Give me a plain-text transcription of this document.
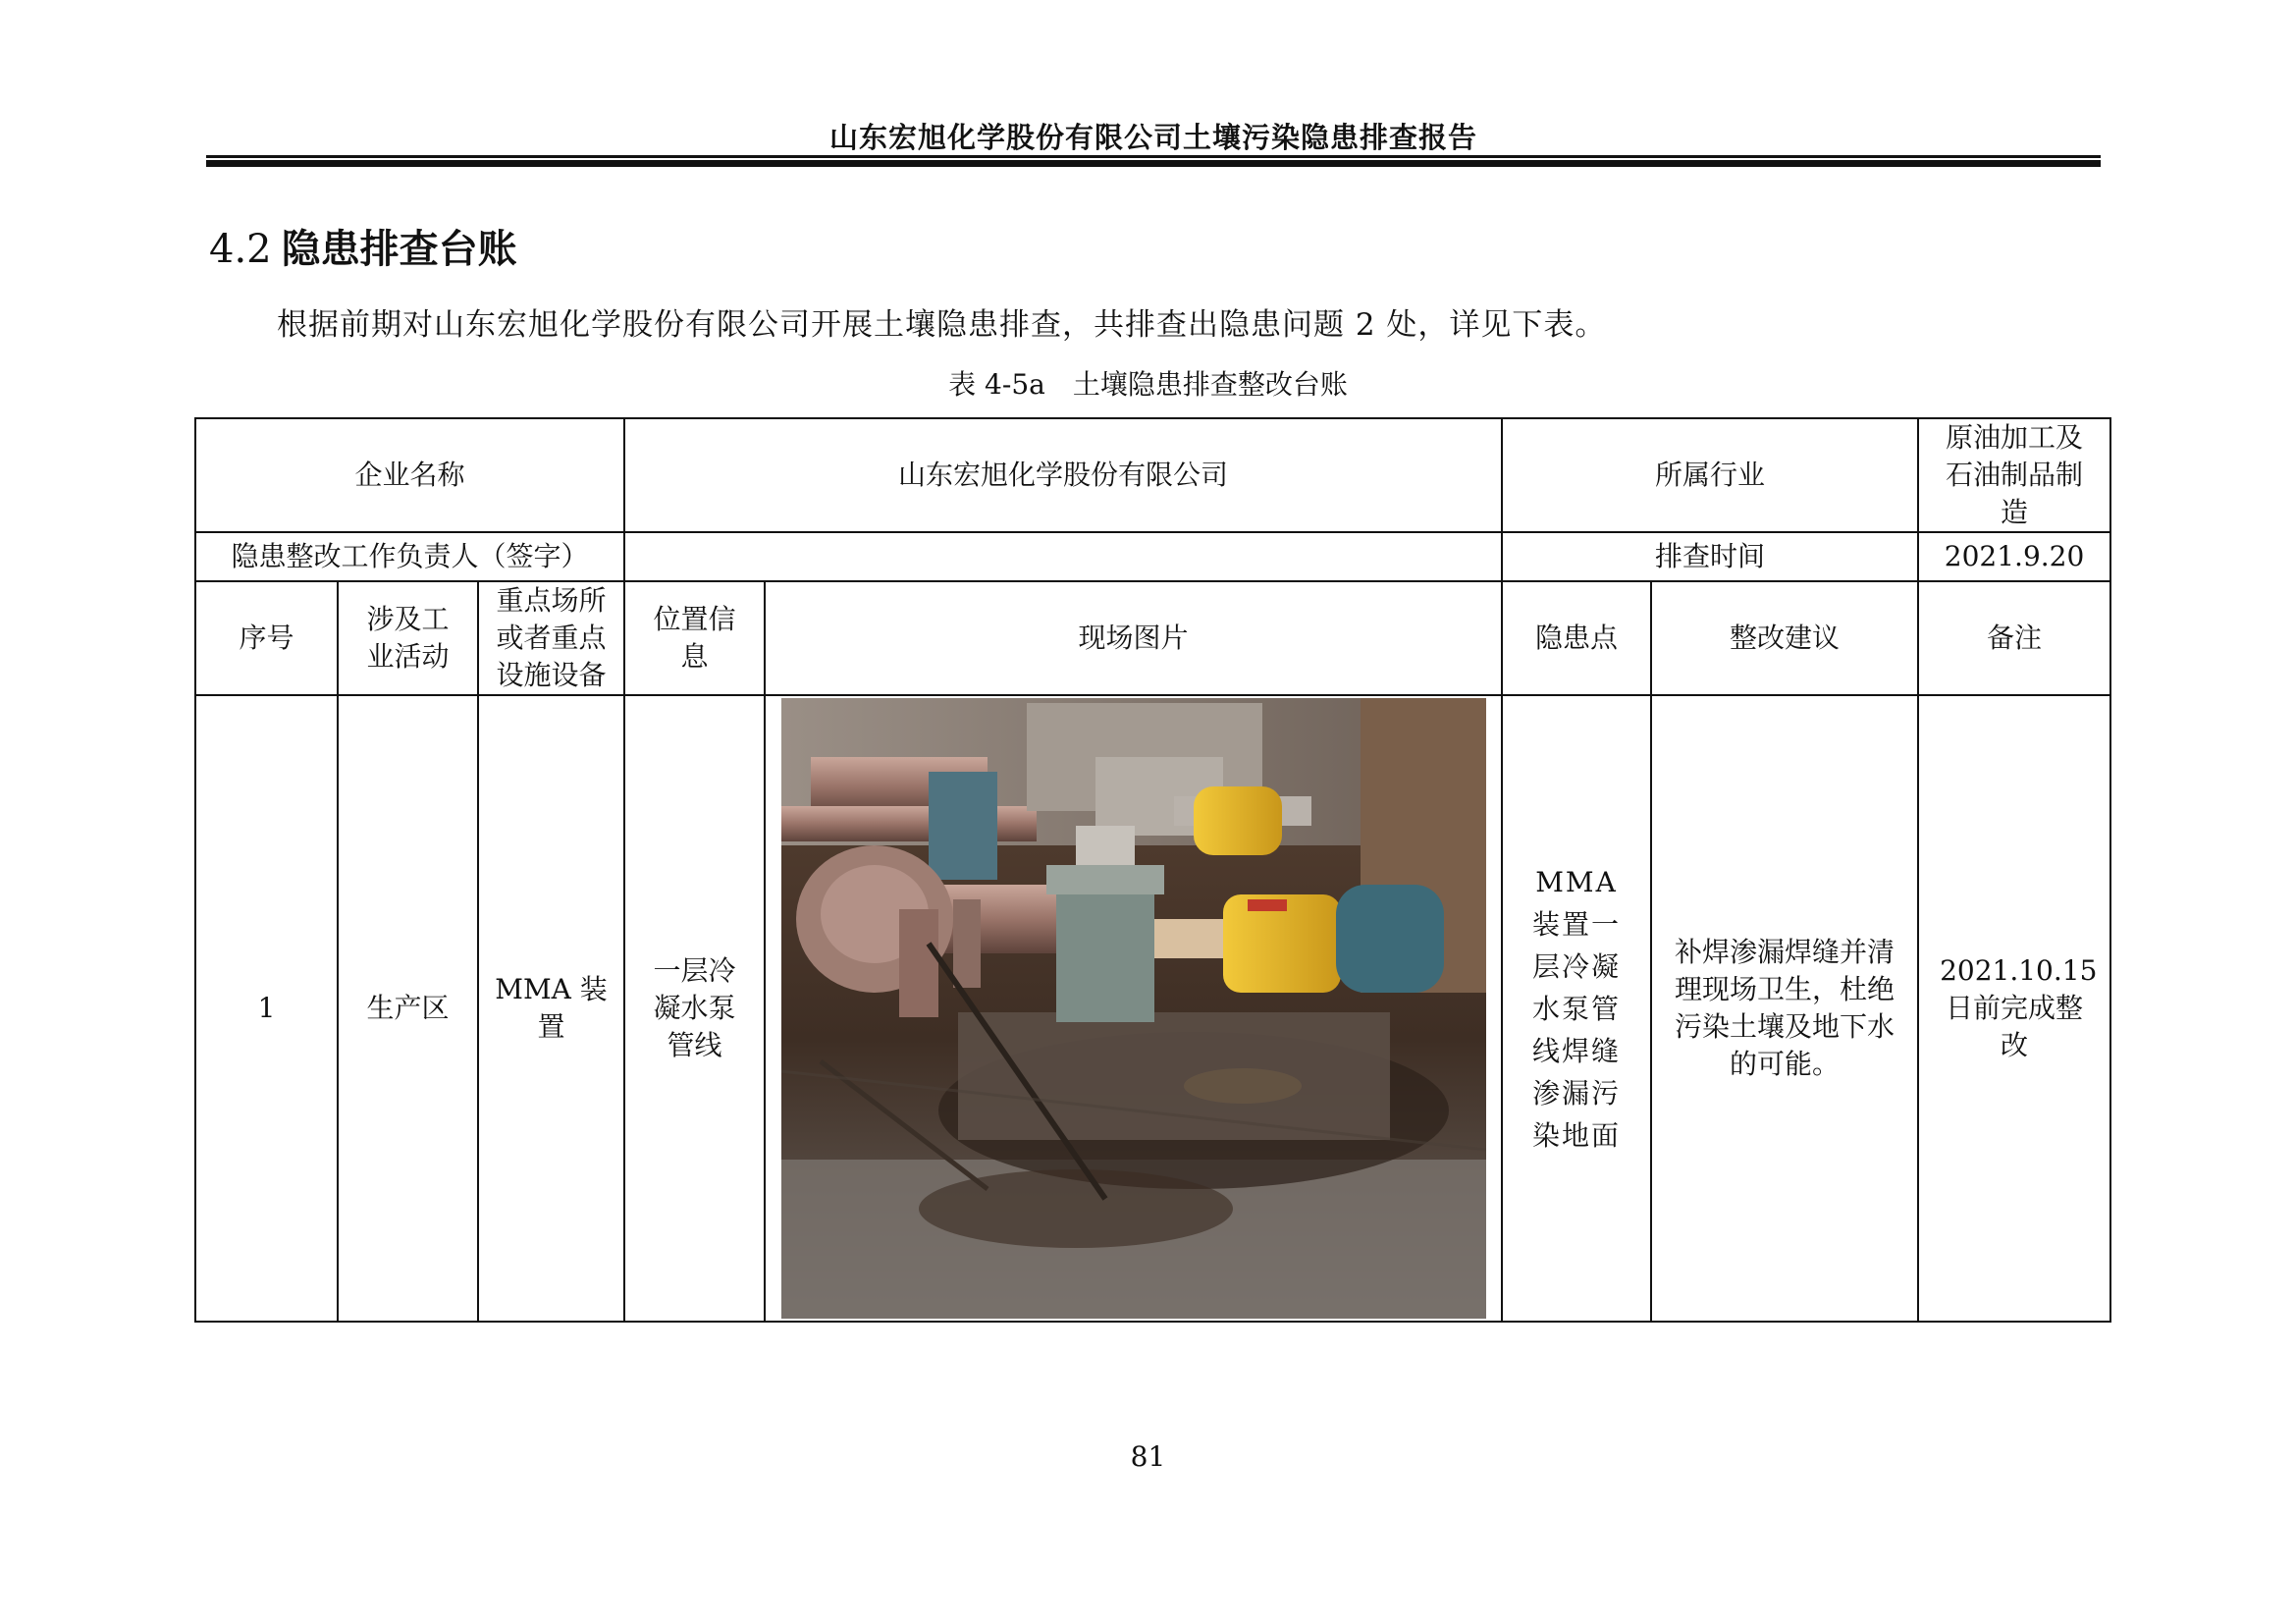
山东宏旭化学股份有限公司土壤污染隐患排查报告
4.2 隐患排查台账
根据前期对山东宏旭化学股份有限公司开展土壤隐患排查，共排查出隐患问题 2 处，详见下表。
表 4-5a 土壤隐患排查整改台账
企业名称			山东宏旭化学股份有限公司		所属行业		原油加工及石油制品制造
隐患整改工作负责人（签字）					排查时间		2021.9.20
序号	涉及工业活动	重点场所或者重点设施设备	位置信息	现场图片	隐患点	整改建议	备注
1	生产区	MMA 装置	一层冷凝水泵管线		MMA 装置一层冷凝水泵管线焊缝渗漏污染地面	补焊渗漏焊缝并清理现场卫生，杜绝污染土壤及地下水的可能。	2021.10.15日前完成整改
81
